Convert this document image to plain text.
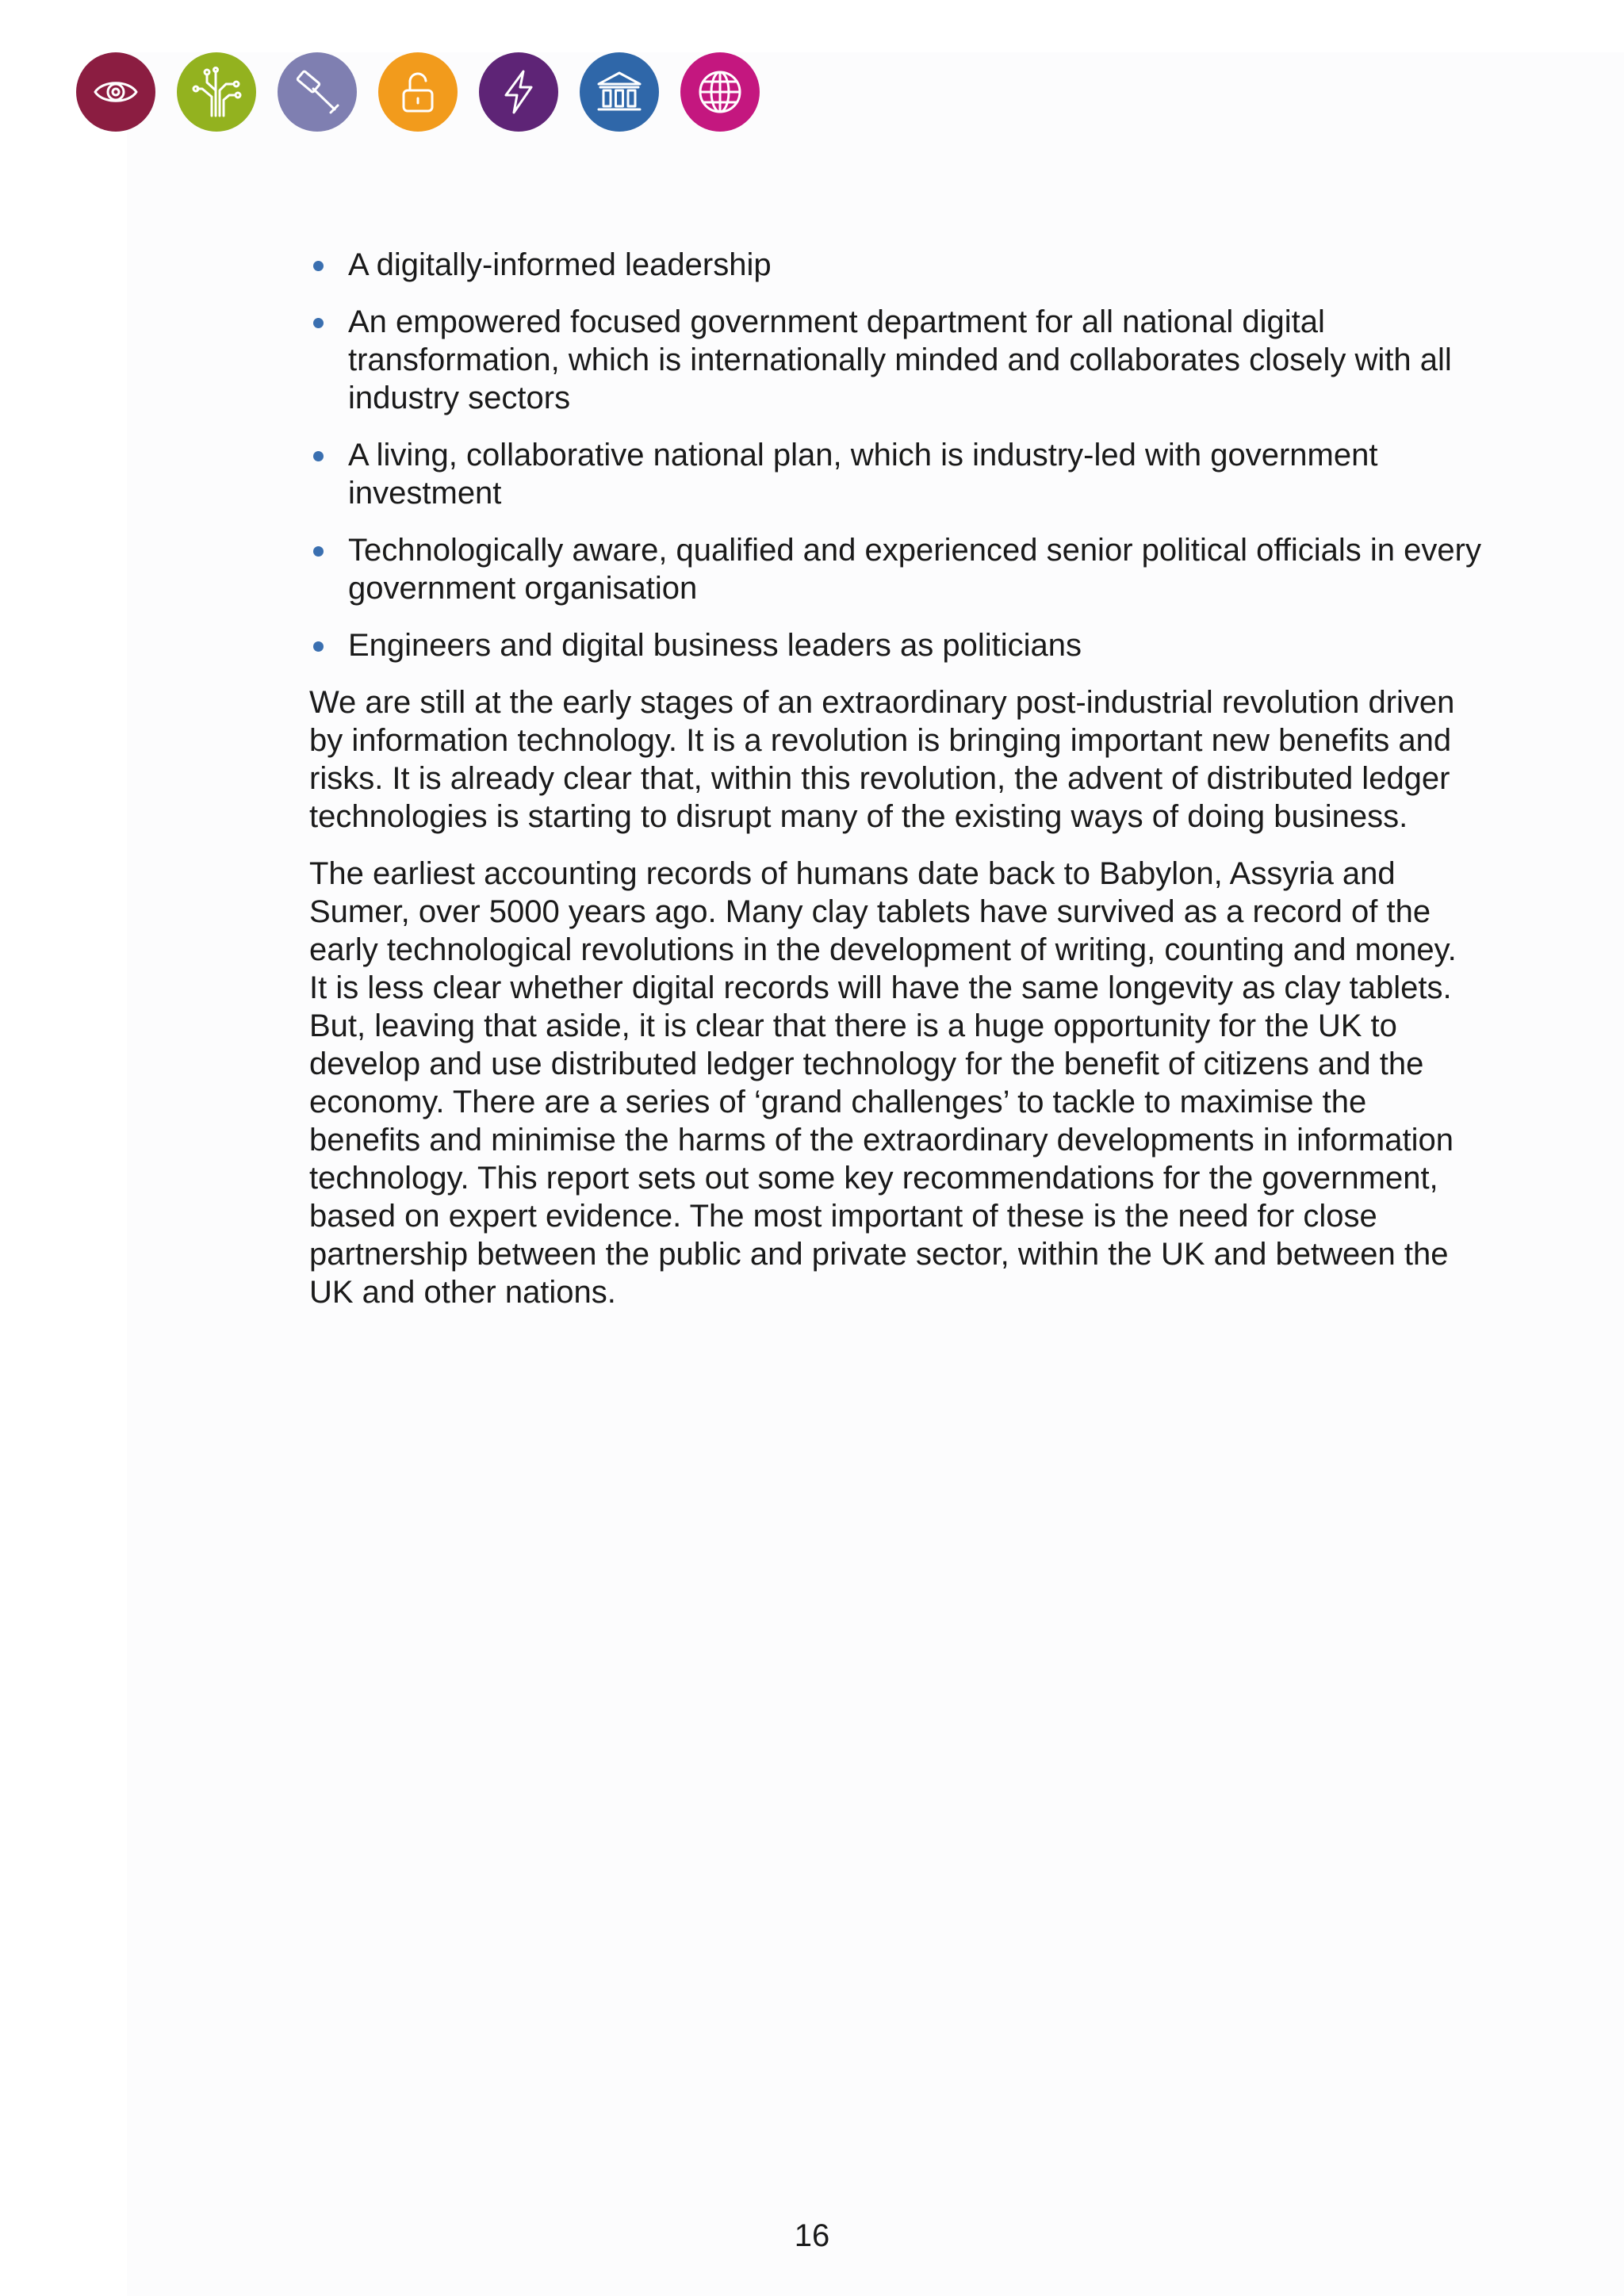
A digitally-informed leadership
An empowered focused government department for all national digital transformation, which is internationally minded and collaborates closely with all industry sectors
A living, collaborative national plan, which is industry-led with government investment
Technologically aware, qualified and experienced senior political officials in every government organisation
Engineers and digital business leaders as politicians

We are still at the early stages of an extraordinary post-industrial revolution driven by information technology. It is a revolution is bringing important new benefits and risks. It is already clear that, within this revolution, the advent of distributed ledger technologies is starting to disrupt many of the existing ways of doing business.

The earliest accounting records of humans date back to Babylon, Assyria and Sumer, over 5000 years ago. Many clay tablets have survived as a record of the early technological revolutions in the development of writing, counting and money. It is less clear whether digital records will have the same longevity as clay tablets. But, leaving that aside, it is clear that there is a huge opportunity for the UK to develop and use distributed ledger technology for the benefit of citizens and the economy. There are a series of ‘grand challenges’ to tackle to maximise the benefits and minimise the harms of the extraordinary developments in information technology. This report sets out some key recommendations for the government, based on expert evidence. The most important of these is the need for close partnership between the public and private sector, within the UK and between the UK and other nations.

16
